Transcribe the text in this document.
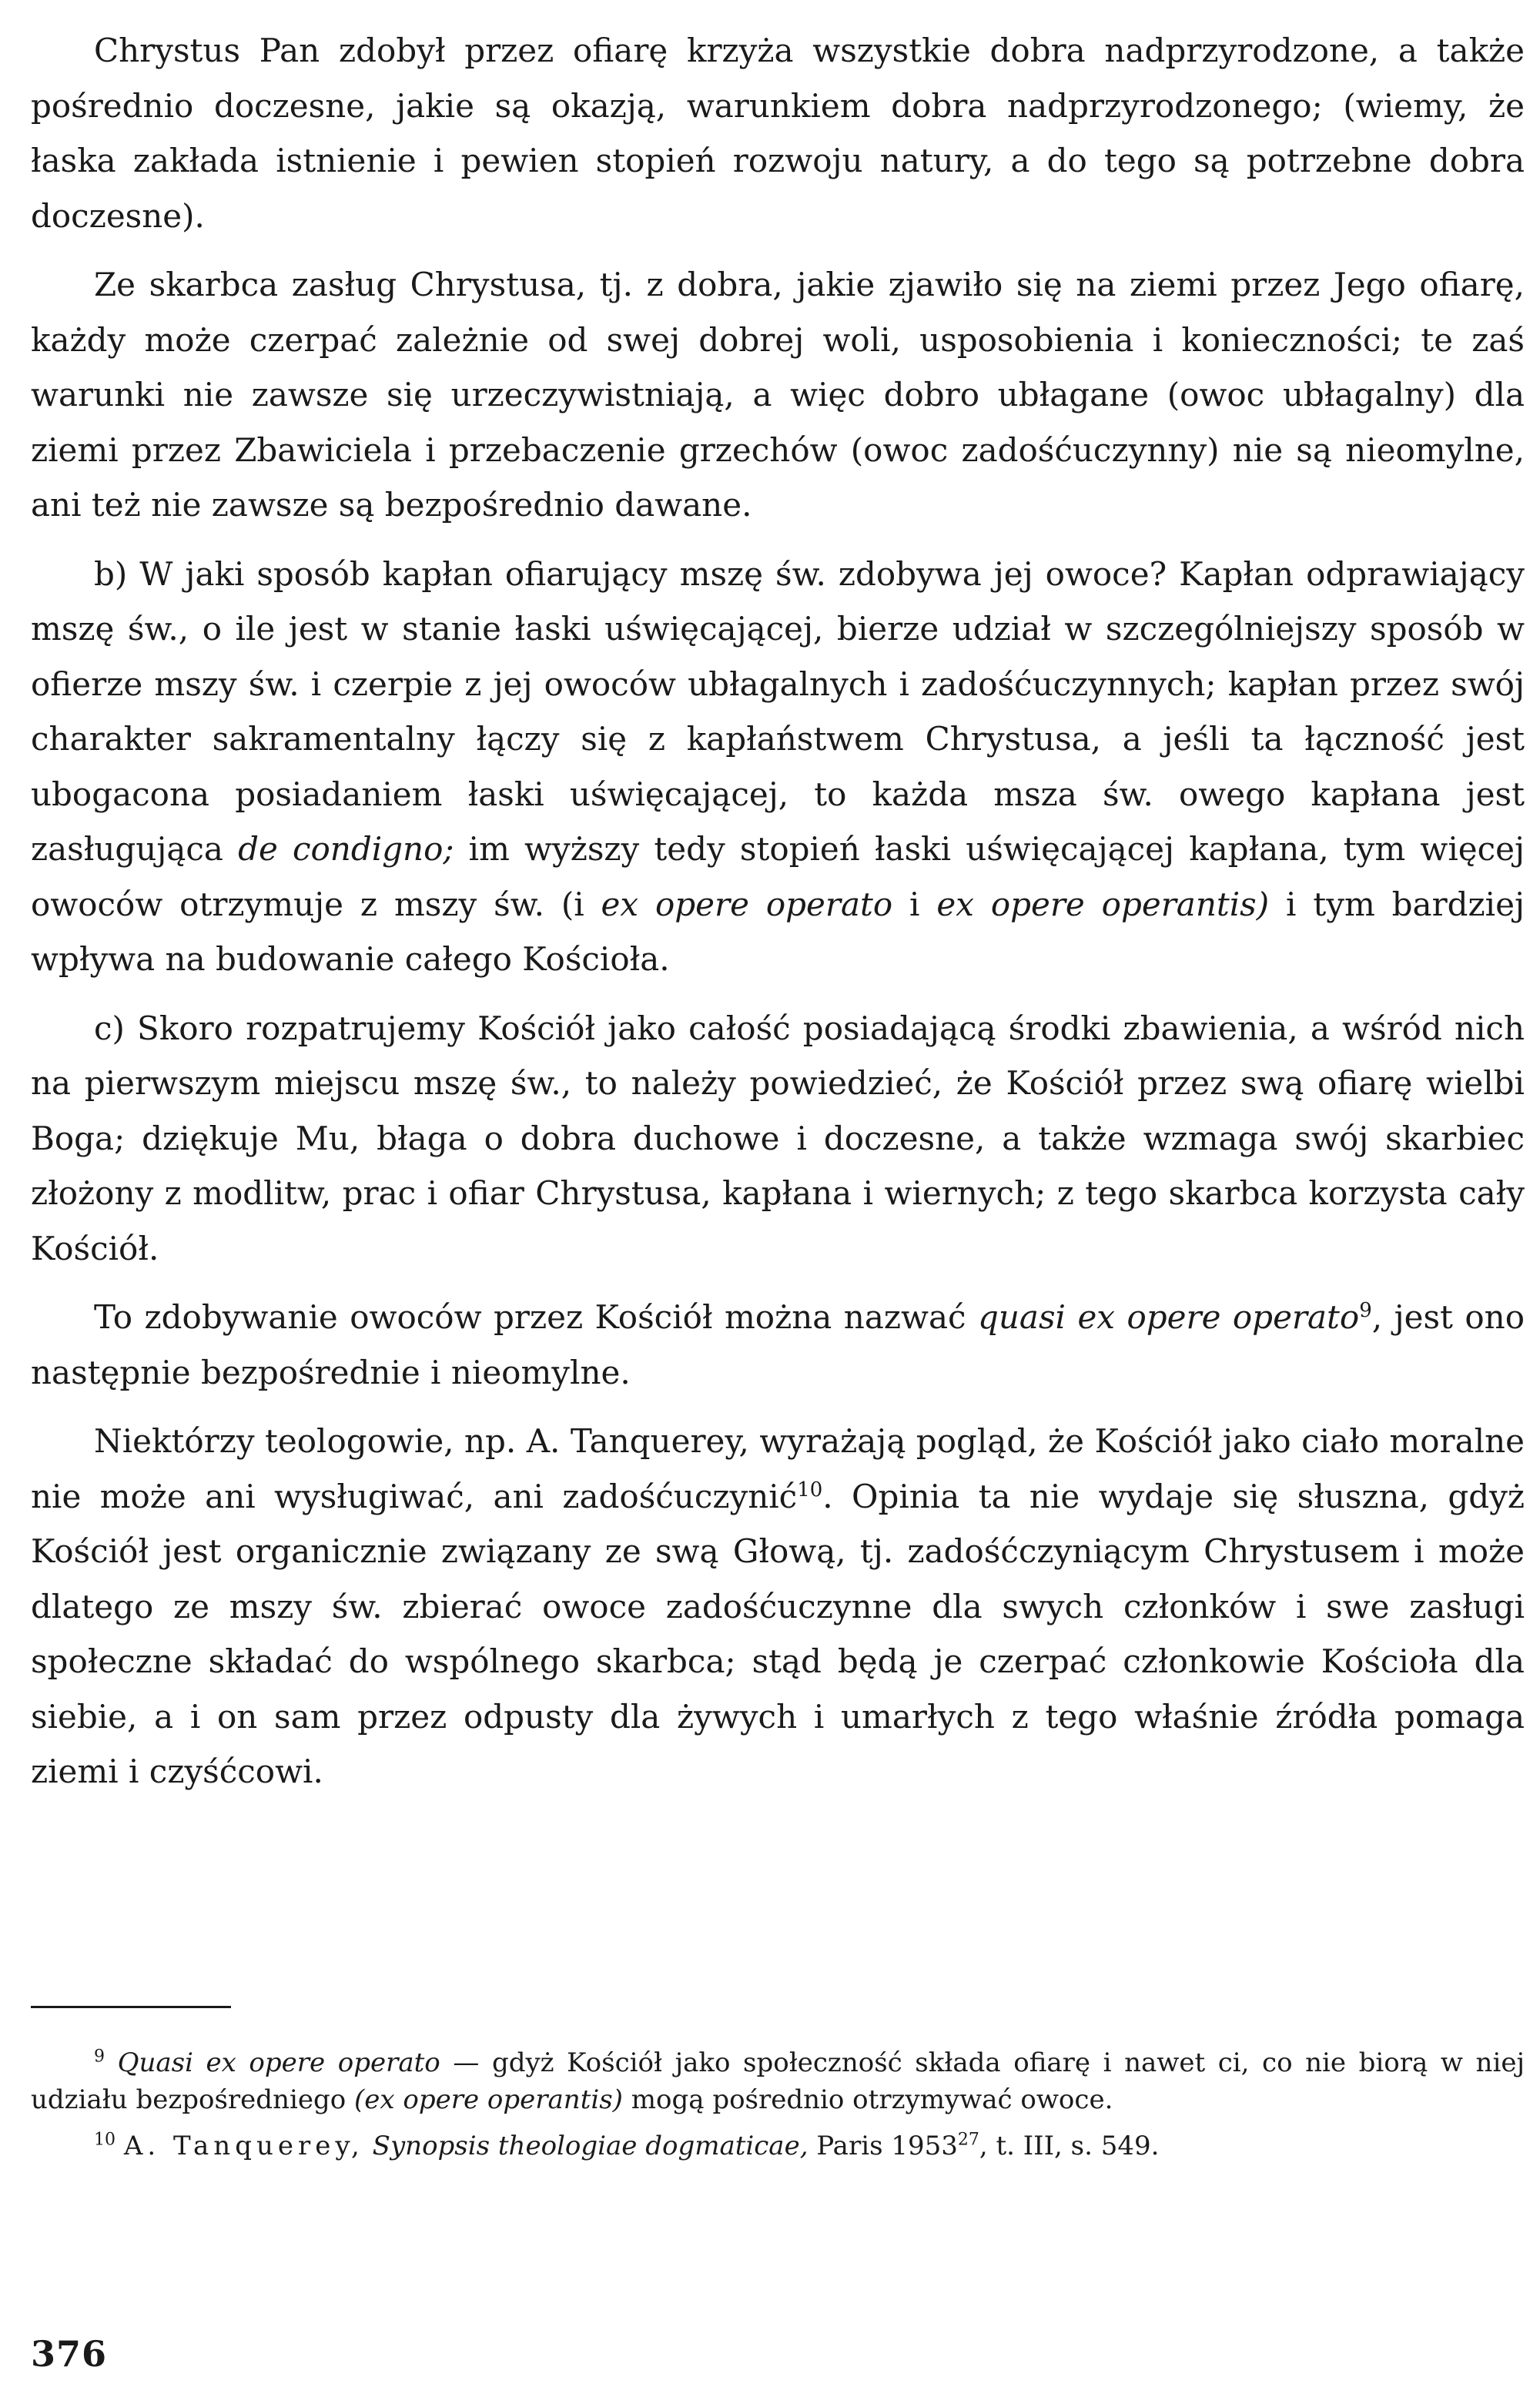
Chrystus Pan zdobył przez ofiarę krzyża wszystkie dobra nadprzyrodzone, a także pośrednio doczesne, jakie są okazją, warunkiem dobra nadprzyrodzonego; (wiemy, że łaska zakłada istnienie i pewien stopień rozwoju natury, a do tego są potrzebne dobra doczesne).

Ze skarbca zasług Chrystusa, tj. z dobra, jakie zjawiło się na ziemi przez Jego ofiarę, każdy może czerpać zależnie od swej dobrej woli, usposobienia i konieczności; te zaś warunki nie zawsze się urzeczywistniają, a więc dobro ubłagane (owoc ubłagalny) dla ziemi przez Zbawiciela i przebaczenie grzechów (owoc zadośćuczynny) nie są nieomylne, ani też nie zawsze są bezpośrednio dawane.

b) W jaki sposób kapłan ofiarujący mszę św. zdobywa jej owoce? Kapłan odprawiający mszę św., o ile jest w stanie łaski uświęcającej, bierze udział w szczególniejszy sposób w ofierze mszy św. i czerpie z jej owoców ubłagalnych i zadośćuczynnych; kapłan przez swój charakter sakramentalny łączy się z kapłaństwem Chrystusa, a jeśli ta łączność jest ubogacona posiadaniem łaski uświęcającej, to każda msza św. owego kapłana jest zasługująca de condigno; im wyższy tedy stopień łaski uświęcającej kapłana, tym więcej owoców otrzymuje z mszy św. (i ex opere operato i ex opere operantis) i tym bardziej wpływa na budowanie całego Kościoła.

c) Skoro rozpatrujemy Kościół jako całość posiadającą środki zbawienia, a wśród nich na pierwszym miejscu mszę św., to należy powiedzieć, że Kościół przez swą ofiarę wielbi Boga; dziękuje Mu, błaga o dobra duchowe i doczesne, a także wzmaga swój skarbiec złożony z modlitw, prac i ofiar Chrystusa, kapłana i wiernych; z tego skarbca korzysta cały Kościół.

To zdobywanie owoców przez Kościół można nazwać quasi ex opere operato$^9$, jest ono następnie bezpośrednie i nieomylne.

Niektórzy teologowie, np. A. Tanquerey, wyrażają pogląd, że Kościół jako ciało moralne nie może ani wysługiwać, ani zadośćuczynić$^{10}$. Opinia ta nie wydaje się słuszna, gdyż Kościół jest organicznie związany ze swą Głową, tj. zadośćczyniącym Chrystusem i może dlatego ze mszy św. zbierać owoce zadośćuczynne dla swych członków i swe zasługi społeczne składać do wspólnego skarbca; stąd będą je czerpać członkowie Kościoła dla siebie, a i on sam przez odpusty dla żywych i umarłych z tego właśnie źródła pomaga ziemi i czyśćcowi.

$^9$ Quasi ex opere operato — gdyż Kościół jako społeczność składa ofiarę i nawet ci, co nie biorą w niej udziału bezpośredniego (ex opere operantis) mogą pośrednio otrzymywać owoce.

$^{10}$ A. Tanquerey, Synopsis theologiae dogmaticae, Paris 1953$^{27}$, t. III, s. 549.

376
